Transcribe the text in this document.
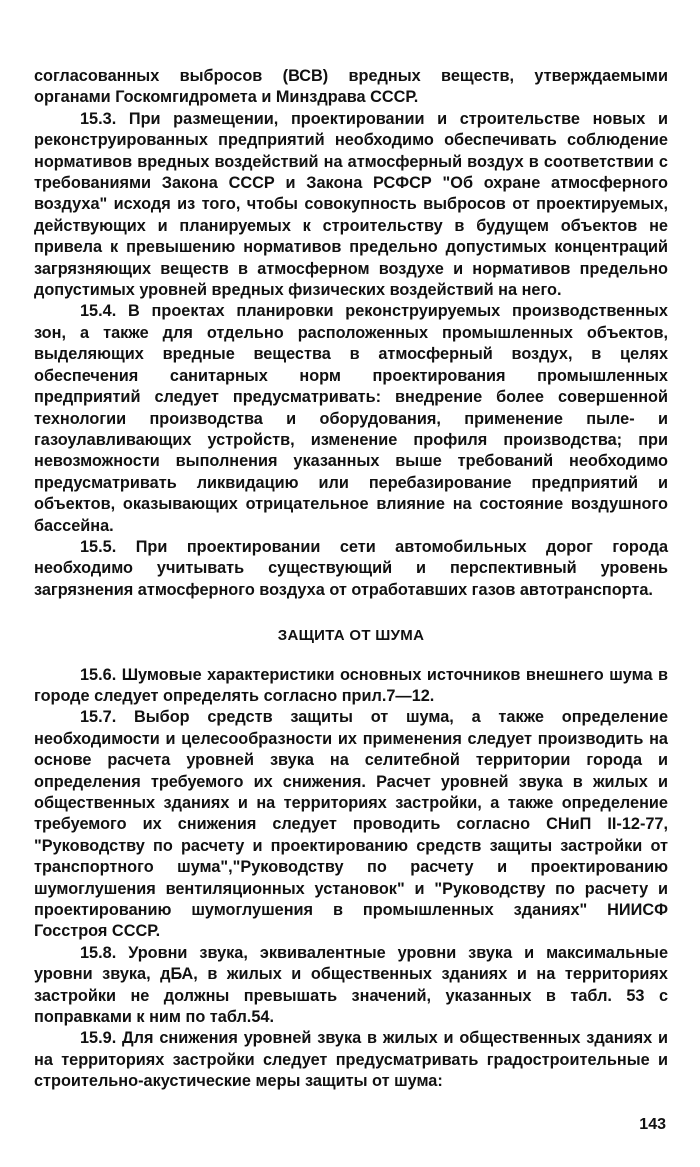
согласованных выбросов (ВСВ) вредных веществ, утверждаемыми органами Госкомгидромета и Минздрава СССР.

15.3. При размещении, проектировании и строительстве новых и реконструированных предприятий необходимо обеспечивать соблюдение нормативов вредных воздействий на атмосферный воздух в соответствии с требованиями Закона СССР и Закона РСФСР "Об охране атмосферного воздуха" исходя из того, чтобы совокупность выбросов от проектируемых, действующих и планируемых к строительству в будущем объектов не привела к превышению нормативов предельно допустимых концентраций загрязняющих веществ в атмосферном воздухе и нормативов предельно допустимых уровней вредных физических воздействий на него.

15.4. В проектах планировки реконструируемых производственных зон, а также для отдельно расположенных промышленных объектов, выделяющих вредные вещества в атмосферный воздух, в целях обеспечения санитарных норм проектирования промышленных предприятий следует предусматривать: внедрение более совершенной технологии производства и оборудования, применение пыле- и газоулавливающих устройств, изменение профиля производства; при невозможности выполнения указанных выше требований необходимо предусматривать ликвидацию или перебазирование предприятий и объектов, оказывающих отрицательное влияние на состояние воздушного бассейна.

15.5. При проектировании сети автомобильных дорог города необходимо учитывать существующий и перспективный уровень загрязнения атмосферного воздуха от отработавших газов автотранспорта.

ЗАЩИТА ОТ ШУМА

15.6. Шумовые характеристики основных источников внешнего шума в городе следует определять согласно прил.7—12.

15.7. Выбор средств защиты от шума, а также определение необходимости и целесообразности их применения следует производить на основе расчета уровней звука на селитебной территории города и определения требуемого их снижения. Расчет уровней звука в жилых и общественных зданиях и на территориях застройки, а также определение требуемого их снижения следует проводить согласно СНиП II-12-77, "Руководству по расчету и проектированию средств защиты застройки от транспортного шума","Руководству по расчету и проектированию шумоглушения вентиляционных установок" и "Руководству по расчету и проектированию шумоглушения в промышленных зданиях" НИИСФ Госстроя СССР.

15.8. Уровни звука, эквивалентные уровни звука и максимальные уровни звука, дБА, в жилых и общественных зданиях и на территориях застройки не должны превышать значений, указанных в табл. 53 с поправками к ним по табл.54.

15.9. Для снижения уровней звука в жилых и общественных зданиях и на территориях застройки следует предусматривать градостроительные и строительно-акустические меры защиты от шума:

143
